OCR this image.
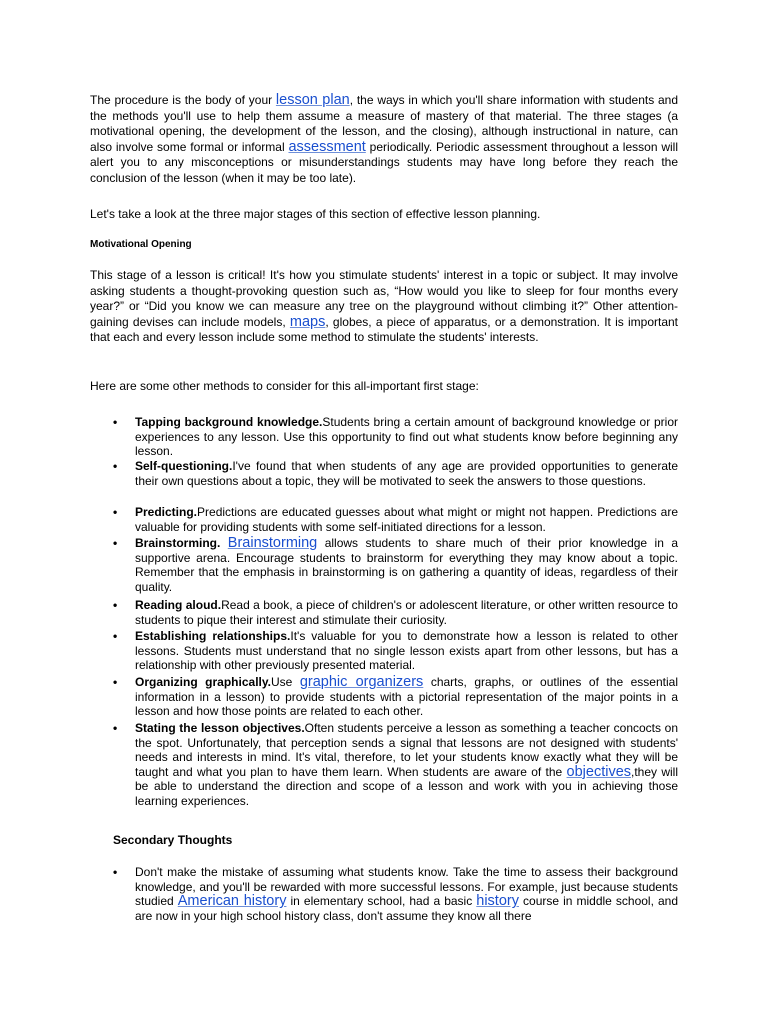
The procedure is the body of your lesson plan, the ways in which you'll share information with students and the methods you'll use to help them assume a measure of mastery of that material. The three stages (a motivational opening, the development of the lesson, and the closing), although instructional in nature, can also involve some formal or informal assessment periodically. Periodic assessment throughout a lesson will alert you to any misconceptions or misunderstandings students may have long before they reach the conclusion of the lesson (when it may be too late).

Let's take a look at the three major stages of this section of effective lesson planning.

Motivational Opening

This stage of a lesson is critical! It's how you stimulate students' interest in a topic or subject. It may involve asking students a thought-provoking question such as, “How would you like to sleep for four months every year?” or “Did you know we can measure any tree on the playground without climbing it?” Other attention-gaining devises can include models, maps, globes, a piece of apparatus, or a demonstration. It is important that each and every lesson include some method to stimulate the students' interests.

Here are some other methods to consider for this all-important first stage:

• Tapping background knowledge.Students bring a certain amount of background knowledge or prior experiences to any lesson. Use this opportunity to find out what students know before beginning any lesson.
• Self-questioning.I've found that when students of any age are provided opportunities to generate their own questions about a topic, they will be motivated to seek the answers to those questions.
• Predicting.Predictions are educated guesses about what might or might not happen. Predictions are valuable for providing students with some self-initiated directions for a lesson.
• Brainstorming. Brainstorming allows students to share much of their prior knowledge in a supportive arena. Encourage students to brainstorm for everything they may know about a topic. Remember that the emphasis in brainstorming is on gathering a quantity of ideas, regardless of their quality.
• Reading aloud.Read a book, a piece of children's or adolescent literature, or other written resource to students to pique their interest and stimulate their curiosity.
• Establishing relationships.It's valuable for you to demonstrate how a lesson is related to other lessons. Students must understand that no single lesson exists apart from other lessons, but has a relationship with other previously presented material.
• Organizing graphically.Use graphic organizers charts, graphs, or outlines of the essential information in a lesson) to provide students with a pictorial representation of the major points in a lesson and how those points are related to each other.
• Stating the lesson objectives.Often students perceive a lesson as something a teacher concocts on the spot. Unfortunately, that perception sends a signal that lessons are not designed with students' needs and interests in mind. It's vital, therefore, to let your students know exactly what they will be taught and what you plan to have them learn. When students are aware of the objectives,they will be able to understand the direction and scope of a lesson and work with you in achieving those learning experiences.

Secondary Thoughts

• Don't make the mistake of assuming what students know. Take the time to assess their background knowledge, and you'll be rewarded with more successful lessons. For example, just because students studied American history in elementary school, had a basic history course in middle school, and are now in your high school history class, don't assume they know all there
